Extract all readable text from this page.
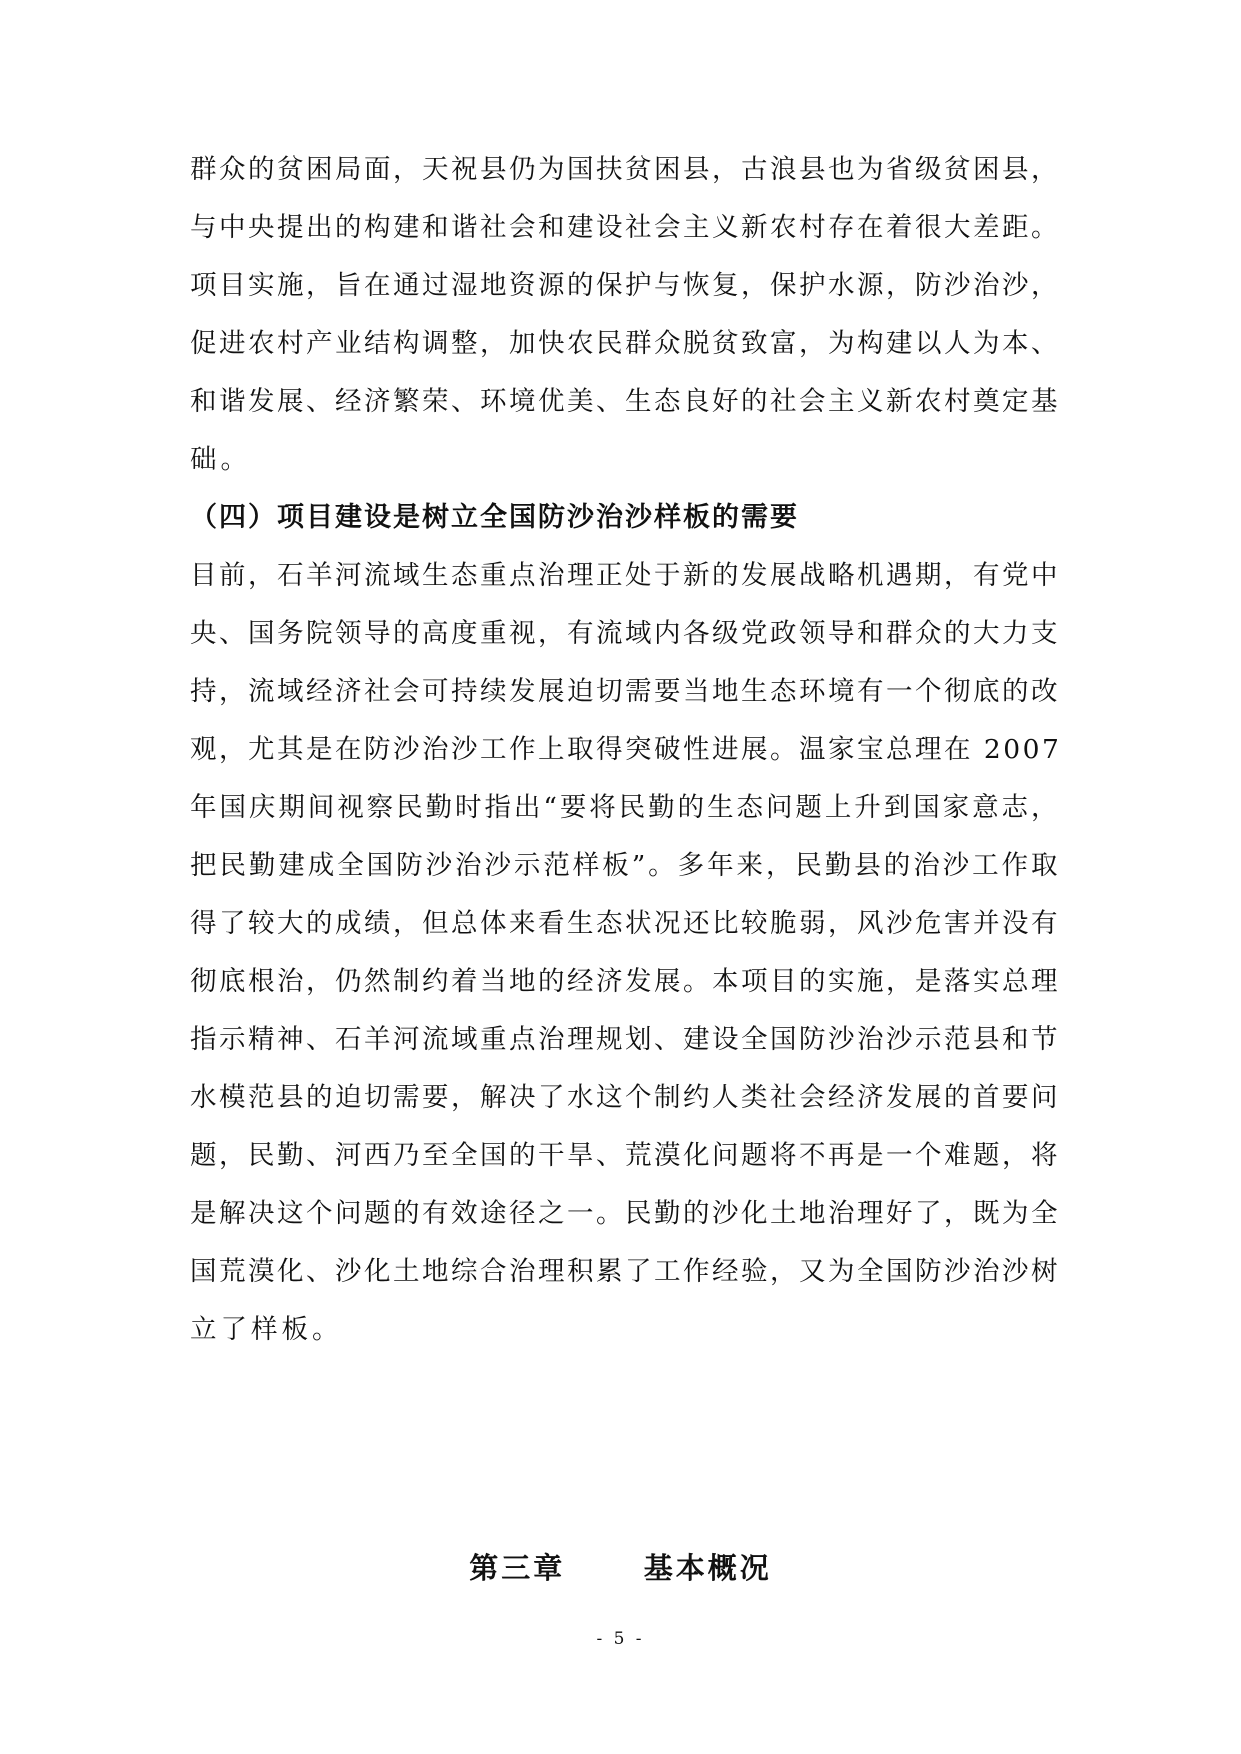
群众的贫困局面，天祝县仍为国扶贫困县，古浪县也为省级贫困县，
与中央提出的构建和谐社会和建设社会主义新农村存在着很大差距。
项目实施，旨在通过湿地资源的保护与恢复，保护水源，防沙治沙，
促进农村产业结构调整，加快农民群众脱贫致富，为构建以人为本、
和谐发展、经济繁荣、环境优美、生态良好的社会主义新农村奠定基
础。
（四）项目建设是树立全国防沙治沙样板的需要
目前，石羊河流域生态重点治理正处于新的发展战略机遇期，有党中
央、国务院领导的高度重视，有流域内各级党政领导和群众的大力支
持，流域经济社会可持续发展迫切需要当地生态环境有一个彻底的改
观，尤其是在防沙治沙工作上取得突破性进展。温家宝总理在 2007
年国庆期间视察民勤时指出“要将民勤的生态问题上升到国家意志，
把民勤建成全国防沙治沙示范样板”。多年来，民勤县的治沙工作取
得了较大的成绩，但总体来看生态状况还比较脆弱，风沙危害并没有
彻底根治，仍然制约着当地的经济发展。本项目的实施，是落实总理
指示精神、石羊河流域重点治理规划、建设全国防沙治沙示范县和节
水模范县的迫切需要，解决了水这个制约人类社会经济发展的首要问
题，民勤、河西乃至全国的干旱、荒漠化问题将不再是一个难题，将
是解决这个问题的有效途径之一。民勤的沙化土地治理好了，既为全
国荒漠化、沙化土地综合治理积累了工作经验，又为全国防沙治沙树
立了样板。
第三章      基本概况
- 5 -
